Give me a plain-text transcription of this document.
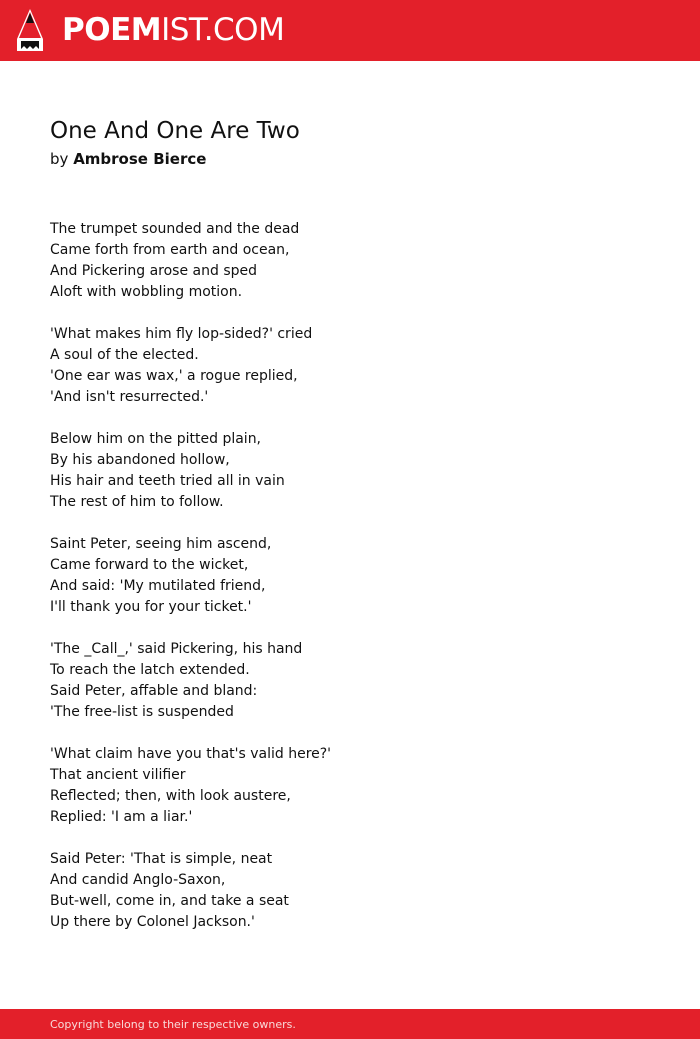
POEMIST.COM
One And One Are Two
by Ambrose Bierce
The trumpet sounded and the dead
Came forth from earth and ocean,
And Pickering arose and sped
Aloft with wobbling motion.
'What makes him fly lop-sided?' cried
A soul of the elected.
'One ear was wax,' a rogue replied,
'And isn't resurrected.'
Below him on the pitted plain,
By his abandoned hollow,
His hair and teeth tried all in vain
The rest of him to follow.
Saint Peter, seeing him ascend,
Came forward to the wicket,
And said: 'My mutilated friend,
I'll thank you for your ticket.'
'The _Call_,' said Pickering, his hand
To reach the latch extended.
Said Peter, affable and bland:
'The free-list is suspended
'What claim have you that's valid here?'
That ancient vilifier
Reflected; then, with look austere,
Replied: 'I am a liar.'
Said Peter: 'That is simple, neat
And candid Anglo-Saxon,
But-well, come in, and take a seat
Up there by Colonel Jackson.'
Copyright belong to their respective owners.
